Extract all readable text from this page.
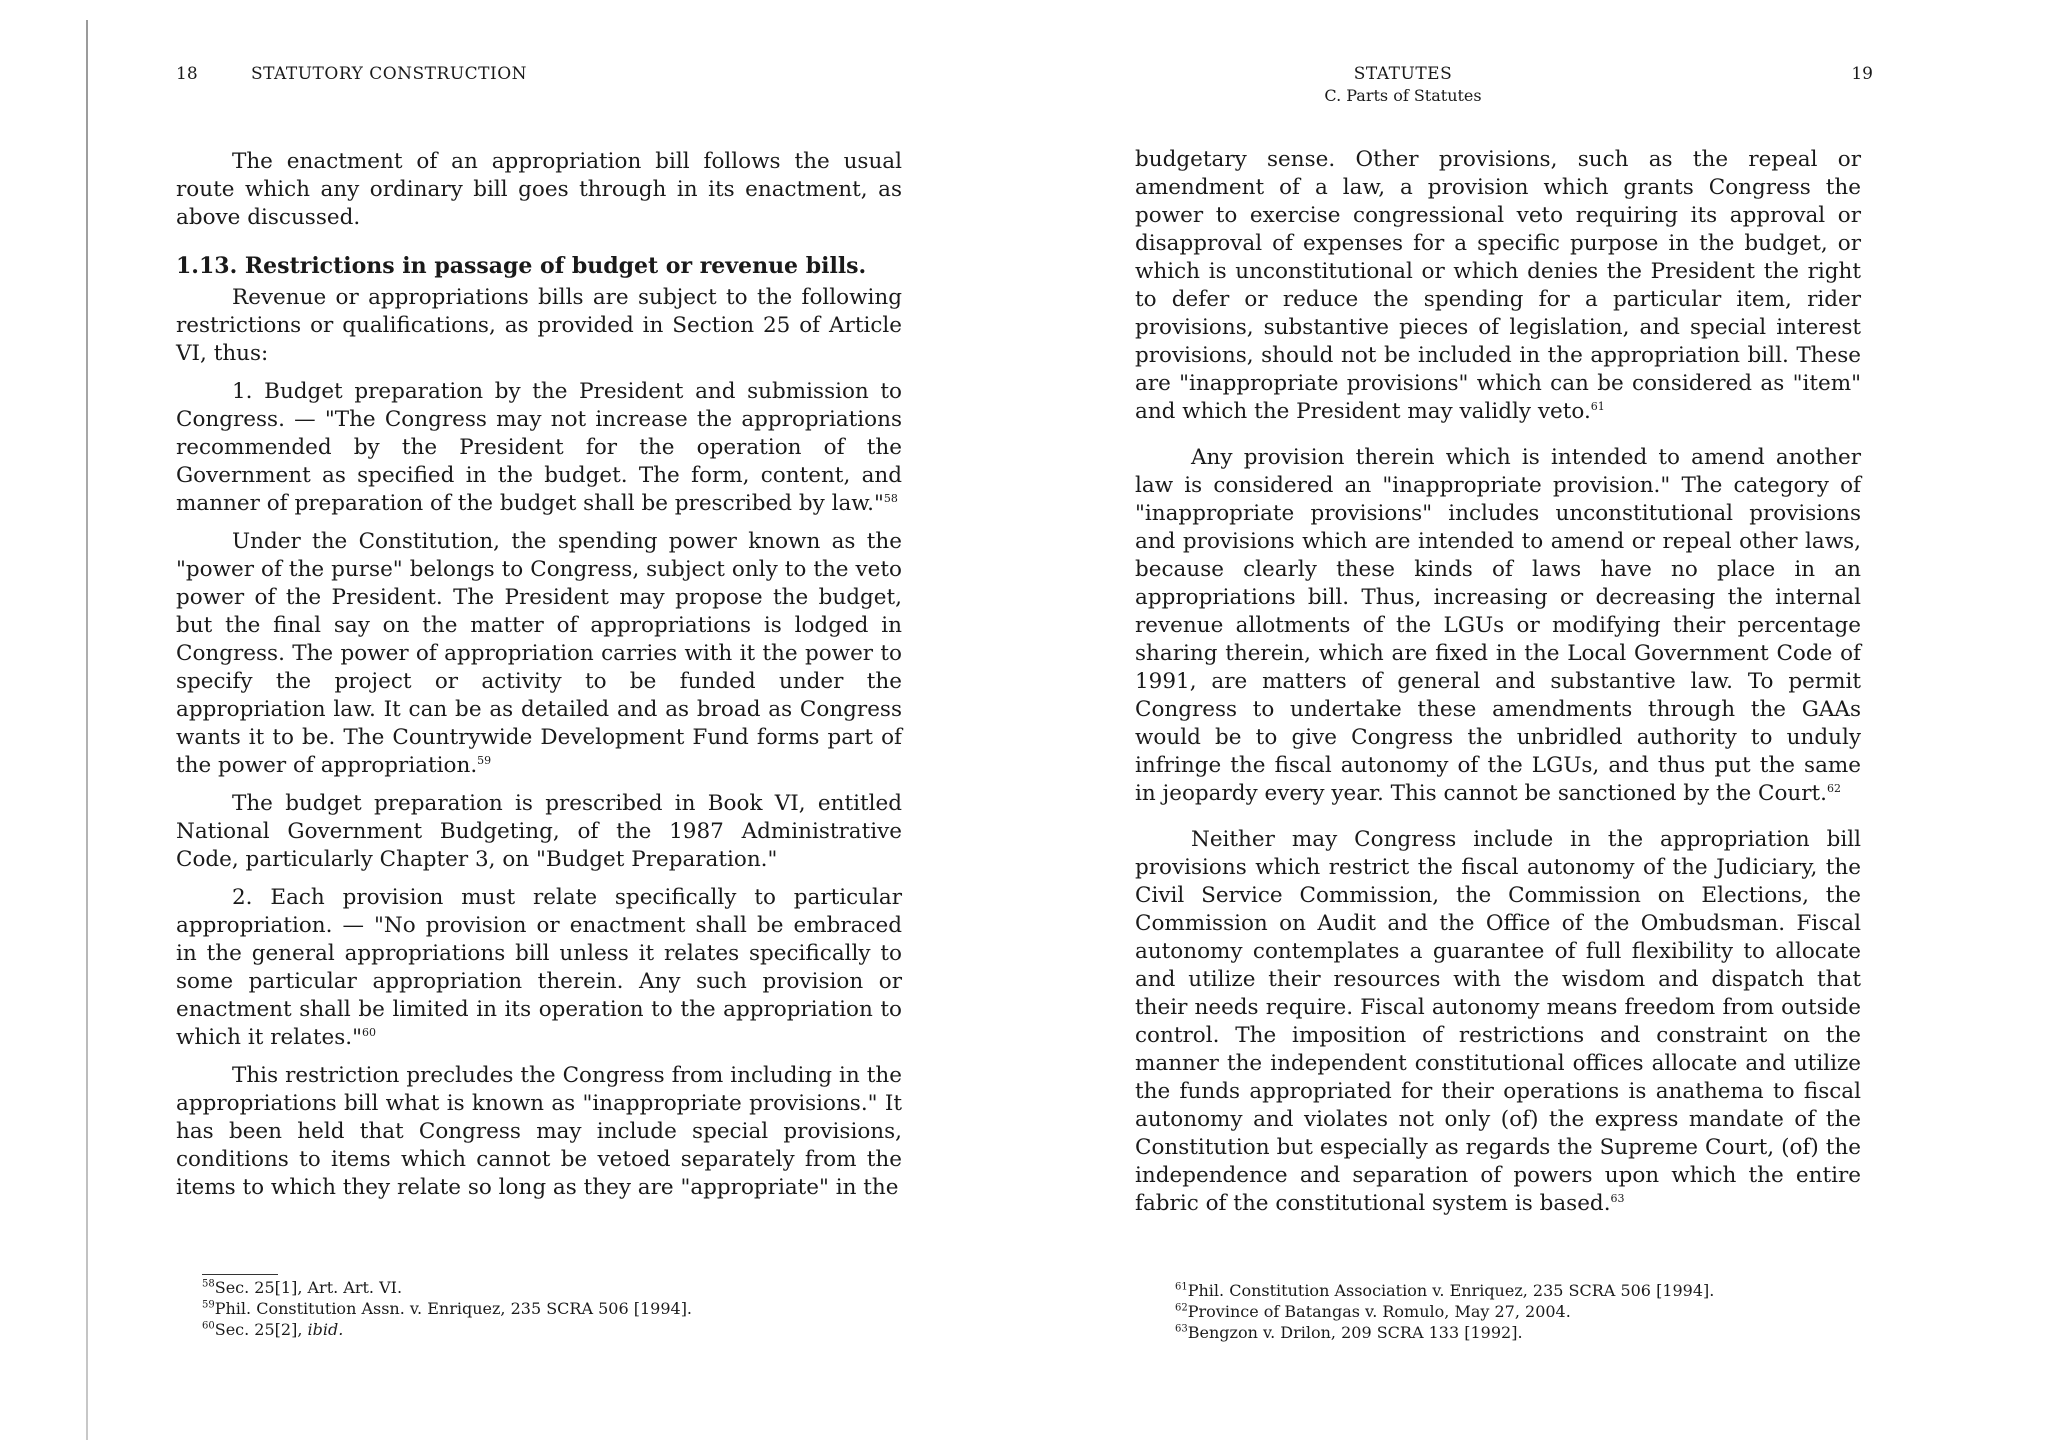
18	STATUTORY CONSTRUCTION

The enactment of an appropriation bill follows the usual route which any ordinary bill goes through in its enactment, as above discussed.

1.13. Restrictions in passage of budget or revenue bills.

Revenue or appropriations bills are subject to the following restrictions or qualifications, as provided in Section 25 of Article VI, thus:

1. Budget preparation by the President and submission to Congress. — "The Congress may not increase the appropriations recommended by the President for the operation of the Government as specified in the budget. The form, content, and manner of preparation of the budget shall be prescribed by law."$^{58}$

Under the Constitution, the spending power known as the "power of the purse" belongs to Congress, subject only to the veto power of the President. The President may propose the budget, but the final say on the matter of appropriations is lodged in Congress. The power of appropriation carries with it the power to specify the project or activity to be funded under the appropriation law. It can be as detailed and as broad as Congress wants it to be. The Countrywide Development Fund forms part of the power of appropriation.$^{59}$

The budget preparation is prescribed in Book VI, entitled National Government Budgeting, of the 1987 Administrative Code, particularly Chapter 3, on "Budget Preparation."

2. Each provision must relate specifically to particular appropriation. — "No provision or enactment shall be embraced in the general appropriations bill unless it relates specifically to some particular appropriation therein. Any such provision or enactment shall be limited in its operation to the appropriation to which it relates."$^{60}$

This restriction precludes the Congress from including in the appropriations bill what is known as "inappropriate provisions." It has been held that Congress may include special provisions, conditions to items which cannot be vetoed separately from the items to which they relate so long as they are "appropriate" in the

$^{58}$Sec. 25[1], Art. Art. VI.
$^{59}$Phil. Constitution Assn. v. Enriquez, 235 SCRA 506 [1994].
$^{60}$Sec. 25[2], ibid.
STATUTES
C. Parts of Statutes
19

budgetary sense. Other provisions, such as the repeal or amendment of a law, a provision which grants Congress the power to exercise congressional veto requiring its approval or disapproval of expenses for a specific purpose in the budget, or which is unconstitutional or which denies the President the right to defer or reduce the spending for a particular item, rider provisions, substantive pieces of legislation, and special interest provisions, should not be included in the appropriation bill. These are "inappropriate provisions" which can be considered as "item" and which the President may validly veto.$^{61}$

Any provision therein which is intended to amend another law is considered an "inappropriate provision." The category of "inappropriate provisions" includes unconstitutional provisions and provisions which are intended to amend or repeal other laws, because clearly these kinds of laws have no place in an appropriations bill. Thus, increasing or decreasing the internal revenue allotments of the LGUs or modifying their percentage sharing therein, which are fixed in the Local Government Code of 1991, are matters of general and substantive law. To permit Congress to undertake these amendments through the GAAs would be to give Congress the unbridled authority to unduly infringe the fiscal autonomy of the LGUs, and thus put the same in jeopardy every year. This cannot be sanctioned by the Court.$^{62}$

Neither may Congress include in the appropriation bill provisions which restrict the fiscal autonomy of the Judiciary, the Civil Service Commission, the Commission on Elections, the Commission on Audit and the Office of the Ombudsman. Fiscal autonomy contemplates a guarantee of full flexibility to allocate and utilize their resources with the wisdom and dispatch that their needs require. Fiscal autonomy means freedom from outside control. The imposition of restrictions and constraint on the manner the independent constitutional offices allocate and utilize the funds appropriated for their operations is anathema to fiscal autonomy and violates not only (of) the express mandate of the Constitution but especially as regards the Supreme Court, (of) the independence and separation of powers upon which the entire fabric of the constitutional system is based.$^{63}$

$^{61}$Phil. Constitution Association v. Enriquez, 235 SCRA 506 [1994].
$^{62}$Province of Batangas v. Romulo, May 27, 2004.
$^{63}$Bengzon v. Drilon, 209 SCRA 133 [1992].
